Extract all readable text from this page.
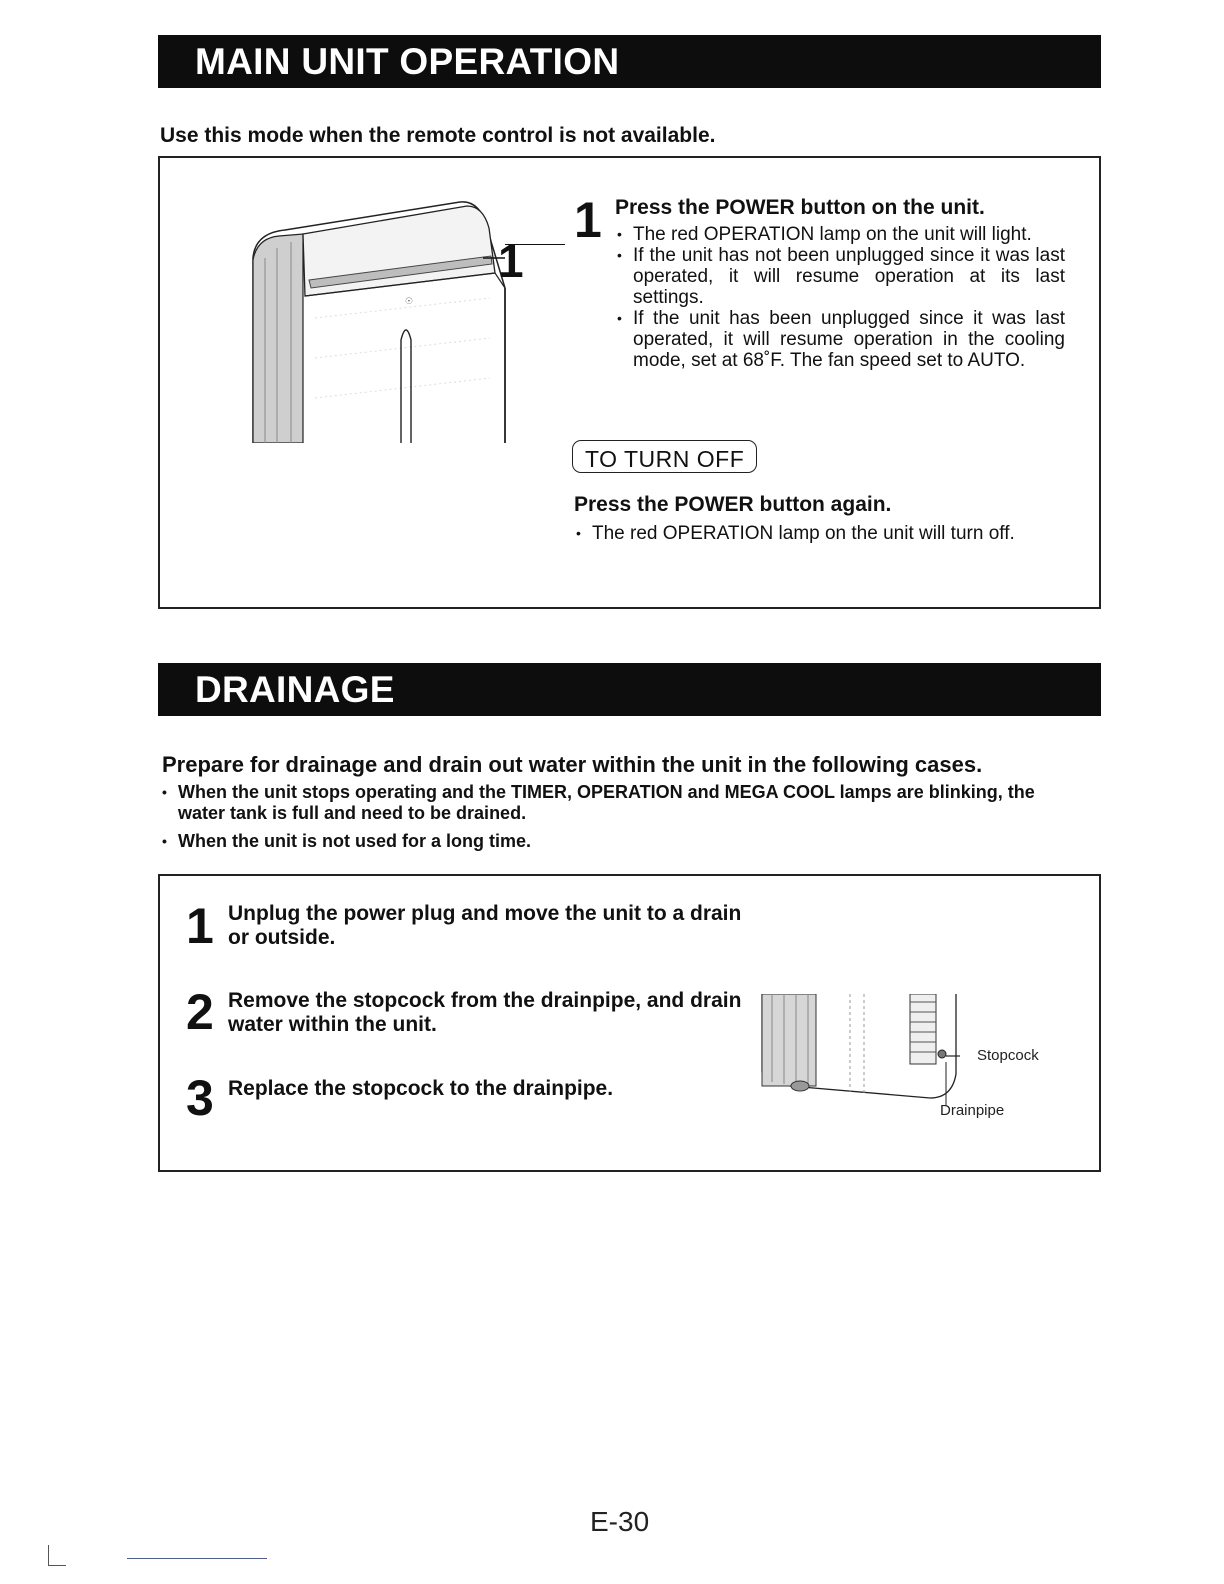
MAIN UNIT OPERATION
Use this mode when the remote control is not available.
☉
1
1 Press the POWER button on the unit.
• The red OPERATION lamp on the unit will light.
• If the unit has not been unplugged since it was last operated, it will resume operation at its last settings.
• If the unit has been unplugged since it was last operated, it will resume operation in the cooling mode, set at 68˚F. The fan speed set to AUTO.
TO TURN OFF
Press the POWER button again.
• The red OPERATION lamp on the unit will turn off.
DRAINAGE
Prepare for drainage and drain out water within the unit in the following cases.
• When the unit stops operating and the TIMER, OPERATION and MEGA COOL lamps are blinking, the water tank is full and need to be drained.
• When the unit is not used for a long time.
1 Unplug the power plug and move the unit to a drain or outside.
2 Remove the stopcock from the drainpipe, and drain water within the unit.
3 Replace the stopcock to the drainpipe.
Stopcock
Drainpipe
E-30
